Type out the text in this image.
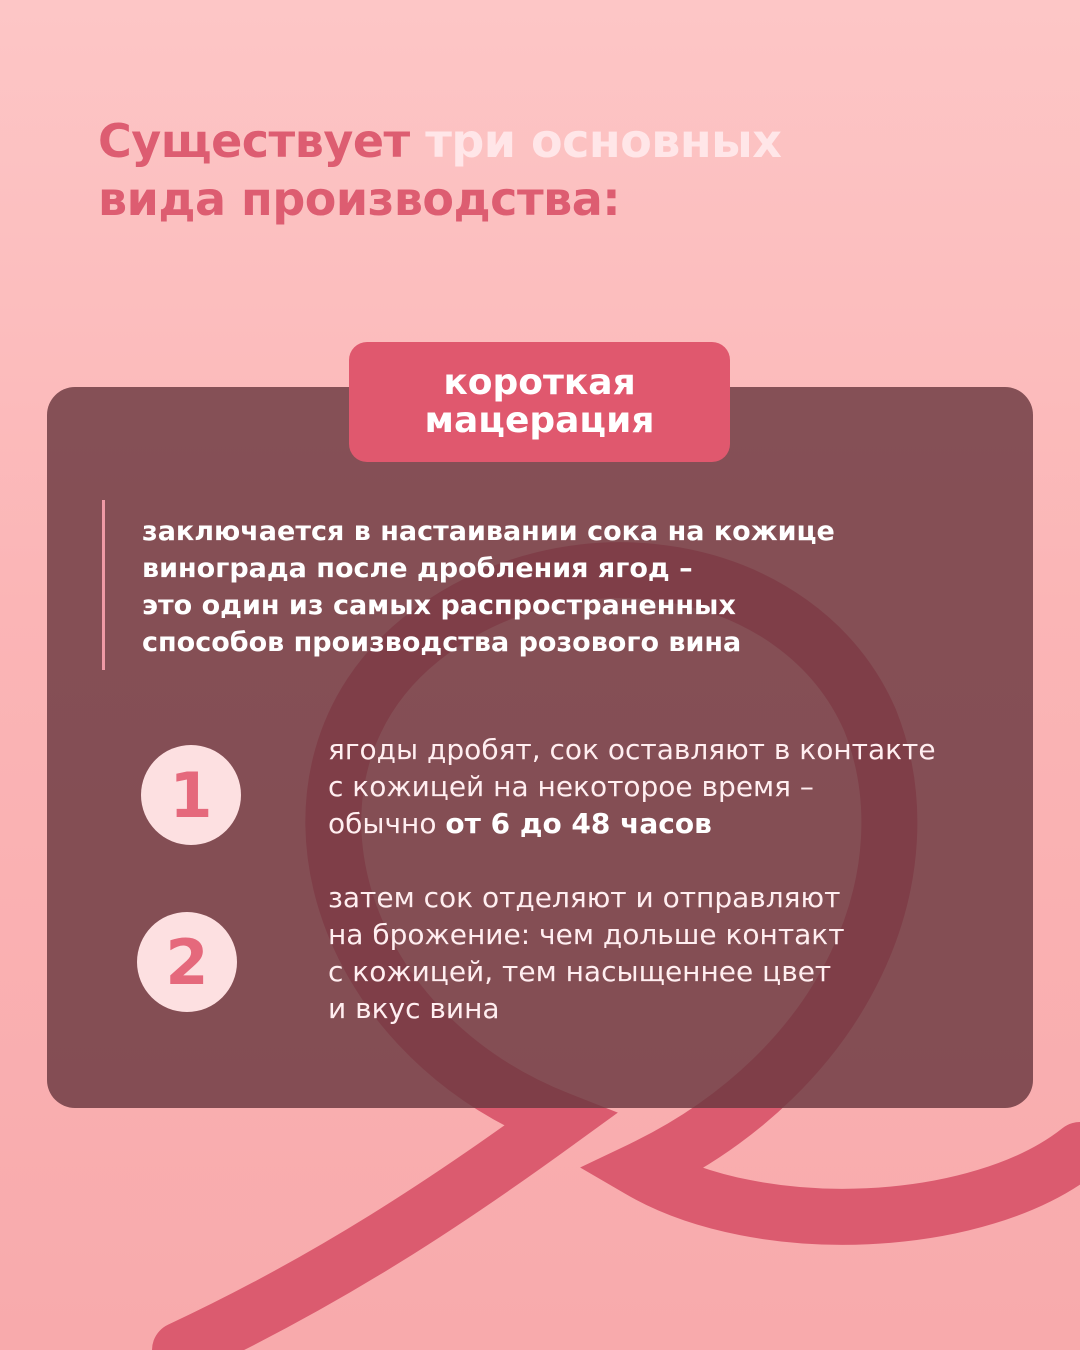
Существует три основных
вида производства:
короткая
мацерация

заключается в настаивании сока на кожице
винограда после дробления ягод –
это один из самых распространенных
способов производства розового вина

1

ягоды дробят, сок оставляют в контакте
с кожицей на некоторое время –
обычно от 6 до 48 часов

2

затем сок отделяют и отправляют
на брожение: чем дольше контакт
с кожицей, тем насыщеннее цвет
и вкус вина
